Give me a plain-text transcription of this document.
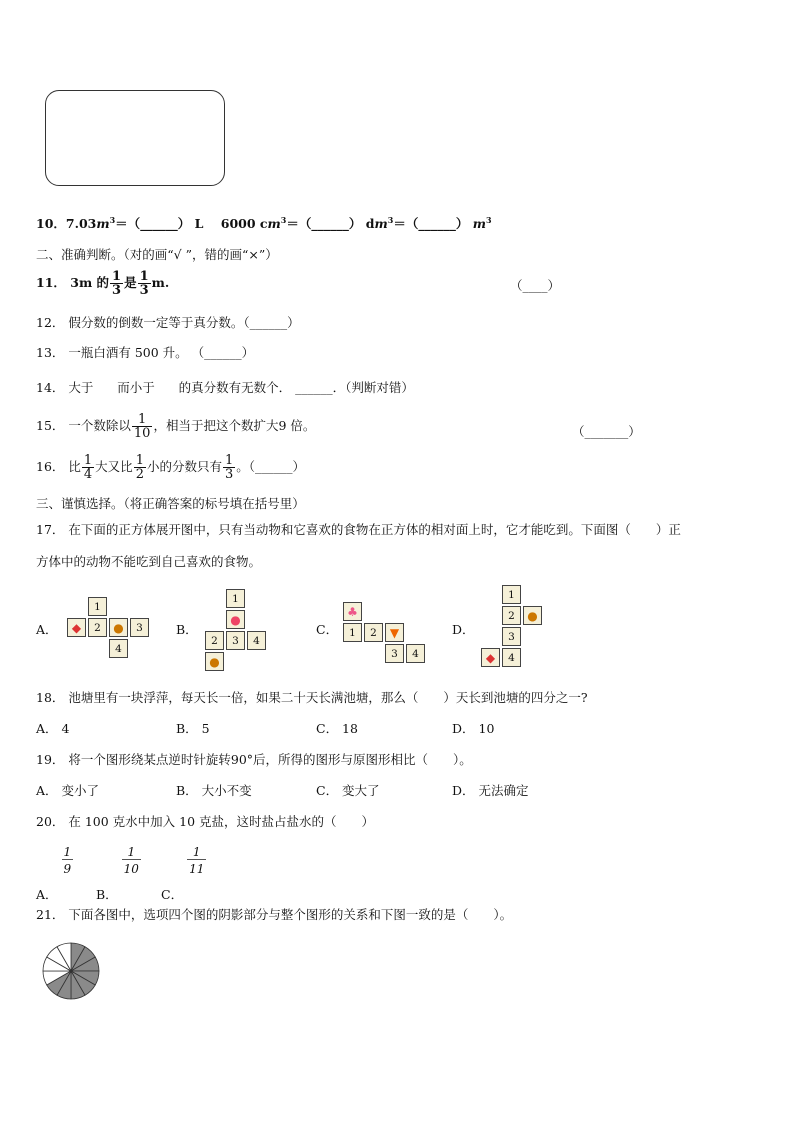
10．$7.03m^3=(\_\_\_\_\_\_)$ L 6000 $cm^3=(\_\_\_\_\_\_)$ $dm^3=(\_\_\_\_\_\_)$ $m^3$
二、准确判断。（对的画“√ ”，错的画“×”）
11． 3m 的 $\frac{1}{3}$ 是 $\frac{1}{3} m$.	（____）
12． 假分数的倒数一定等于真分数。（______）
13． 一瓶白酒有 500 升。 （______）
14． 大于 而小于 的真分数有无数个． ______．（判断对错）
15． 一个数除以 $\frac{1}{10}$ ，相当于把这个数扩大9 倍。	（_______）
16． 比 $\frac{1}{4}$ 大又比 $\frac{1}{2}$ 小的分数只有 $\frac{1}{3}$ 。（______）
三、谨慎选择。（将正确答案的标号填在括号里）
17． 在下面的正方体展开图中，只有当动物和它喜欢的食物在正方体的相对面上时，它才能吃到。下面图（　　）正
方体中的动物不能吃到自己喜欢的食物。
A．	B．	C．	D．
1
◆	2	●	3
4
1
●
2	3	4
●
♣
1	2	▼
3	4
1
2	●
3
◆	4
18． 池塘里有一块浮萍，每天长一倍，如果二十天长满池塘，那么（　　）天长到池塘的四分之一?
A． 4	B． 5	C． 18	D． 10
19． 将一个图形绕某点逆时针旋转90°后，所得的图形与原图形相比（　　）。
A． 变小了	B． 大小不变	C． 变大了	D． 无法确定
20． 在 100 克水中加入 10 克盐，这时盐占盐水的（　　）
A．
$\frac{1}{9}$
B．
$\frac{1}{10}$
C．
$\frac{1}{11}$
21． 下面各图中，选项四个图的阴影部分与整个图形的关系和下图一致的是（　　）。
